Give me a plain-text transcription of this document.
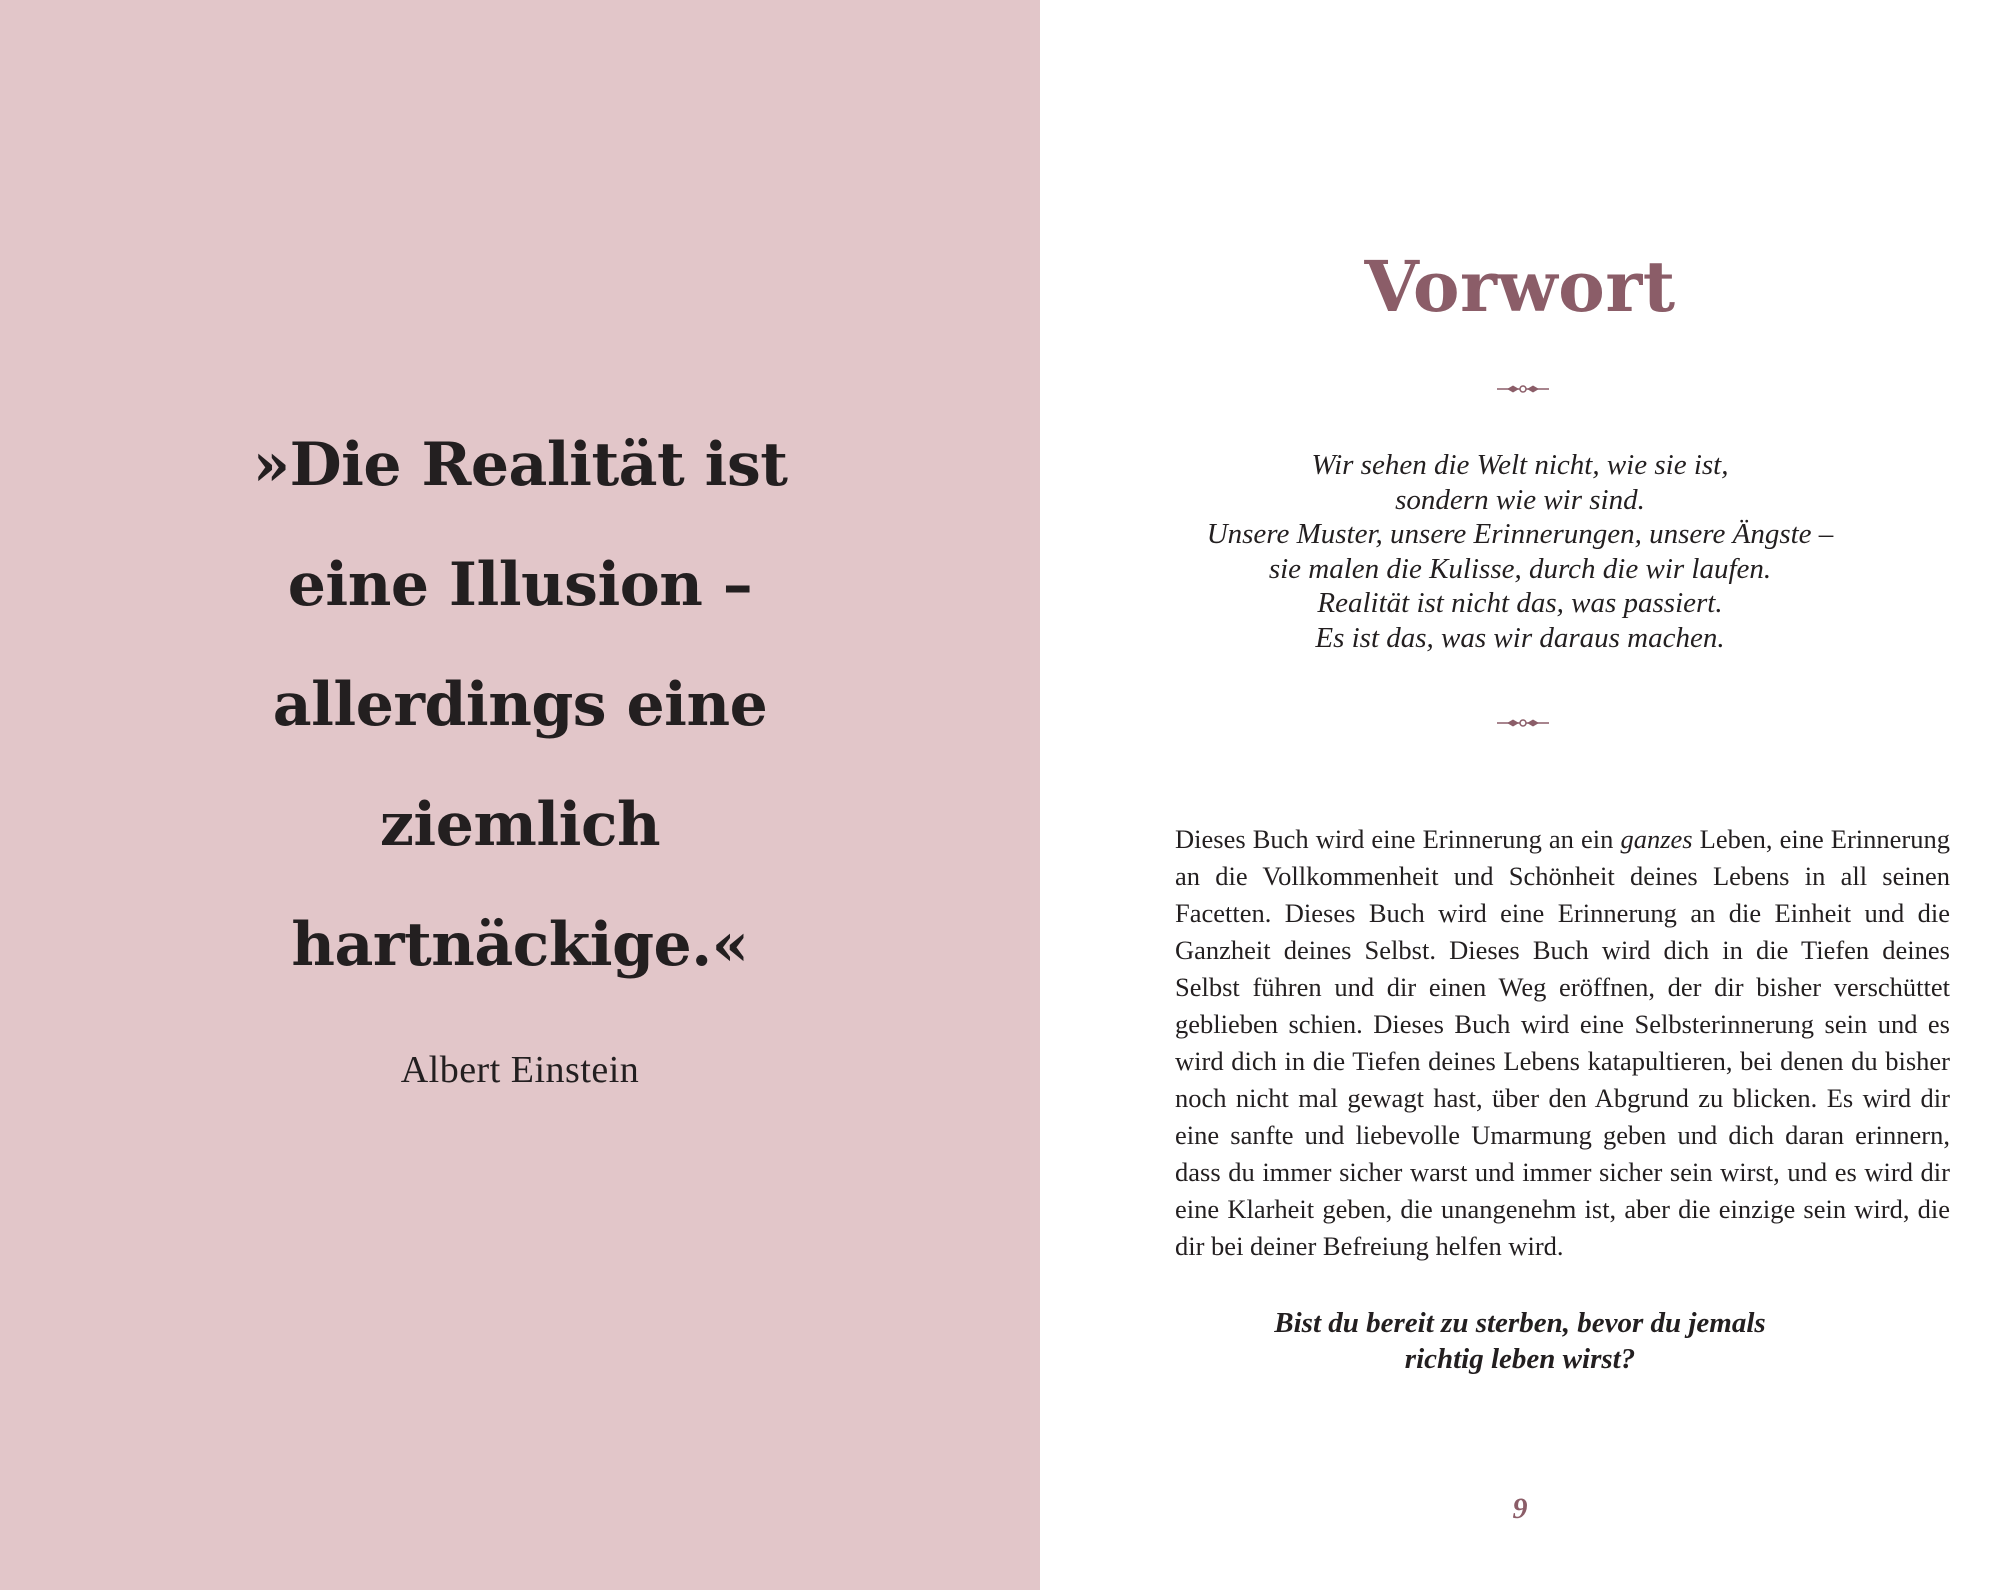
»Die Realität ist
eine Illusion –
allerdings eine
ziemlich
hartnäckige.«
Albert Einstein
Vorwort
Wir sehen die Welt nicht, wie sie ist,
sondern wie wir sind.
Unsere Muster, unsere Erinnerungen, unsere Ängste –
sie malen die Kulisse, durch die wir laufen.
Realität ist nicht das, was passiert.
Es ist das, was wir daraus machen.

Dieses Buch wird eine Erinnerung an ein ganzes Leben, eine Erinnerung an die Vollkommenheit und Schönheit deines Lebens in all seinen Facetten. Dieses Buch wird eine Erinnerung an die Einheit und die Ganzheit deines Selbst. Dieses Buch wird dich in die Tiefen deines Selbst führen und dir einen Weg eröffnen, der dir bisher verschüttet geblieben schien. Dieses Buch wird eine Selbsterinnerung sein und es wird dich in die Tiefen deines Lebens katapultieren, bei denen du bisher noch nicht mal gewagt hast, über den Abgrund zu blicken. Es wird dir eine sanfte und liebevolle Umarmung geben und dich daran erinnern, dass du immer sicher warst und immer sicher sein wirst, und es wird dir eine Klarheit geben, die unangenehm ist, aber die einzige sein wird, die dir bei deiner Befreiung helfen wird.

Bist du bereit zu sterben, bevor du jemals
richtig leben wirst?
9
